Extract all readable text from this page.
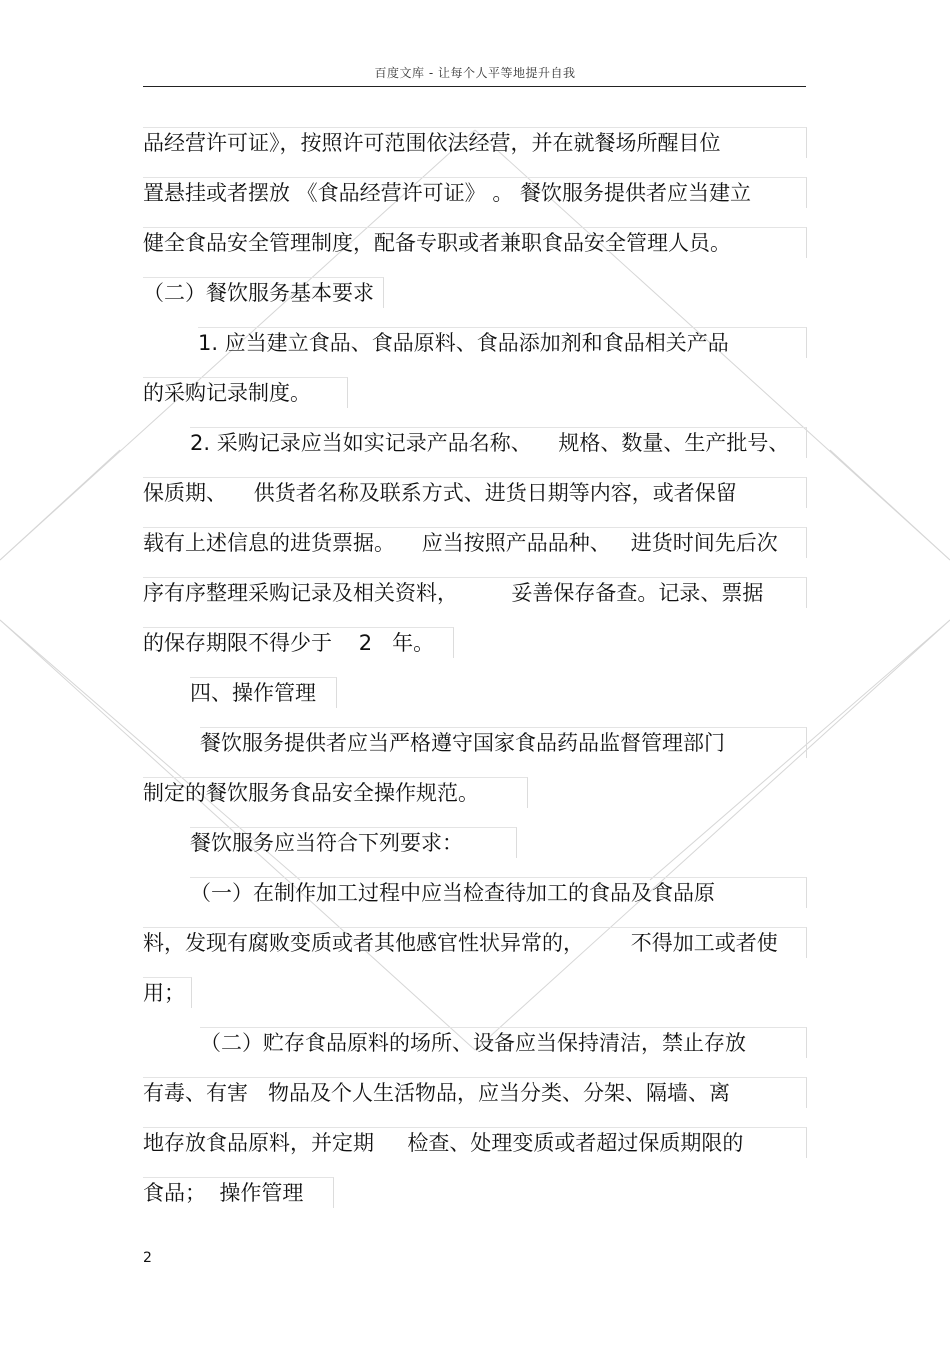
百度文库 - 让每个人平等地提升自我
品经营许可证》，按照许可范围依法经营，并在就餐场所醒目位
置悬挂或者摆放 《食品经营许可证》 。 餐饮服务提供者应当建立
健全食品安全管理制度，配备专职或者兼职食品安全管理人员。
（二）餐饮服务基本要求
1. 应当建立食品、食品原料、食品添加剂和食品相关产品
的采购记录制度。
2. 采购记录应当如实记录产品名称、    规格、数量、生产批号、
保质期、    供货者名称及联系方式、进货日期等内容，或者保留
载有上述信息的进货票据。    应当按照产品品种、   进货时间先后次
序有序整理采购记录及相关资料，        妥善保存备查。记录、票据
的保存期限不得少于    2   年。
四、操作管理
餐饮服务提供者应当严格遵守国家食品药品监督管理部门
制定的餐饮服务食品安全操作规范。
餐饮服务应当符合下列要求：
（一）在制作加工过程中应当检查待加工的食品及食品原
料，发现有腐败变质或者其他感官性状异常的，       不得加工或者使
用；
（二）贮存食品原料的场所、设备应当保持清洁，禁止存放
有毒、有害   物品及个人生活物品，应当分类、分架、隔墙、离
地存放食品原料，并定期     检查、处理变质或者超过保质期限的
食品；  操作管理
2
